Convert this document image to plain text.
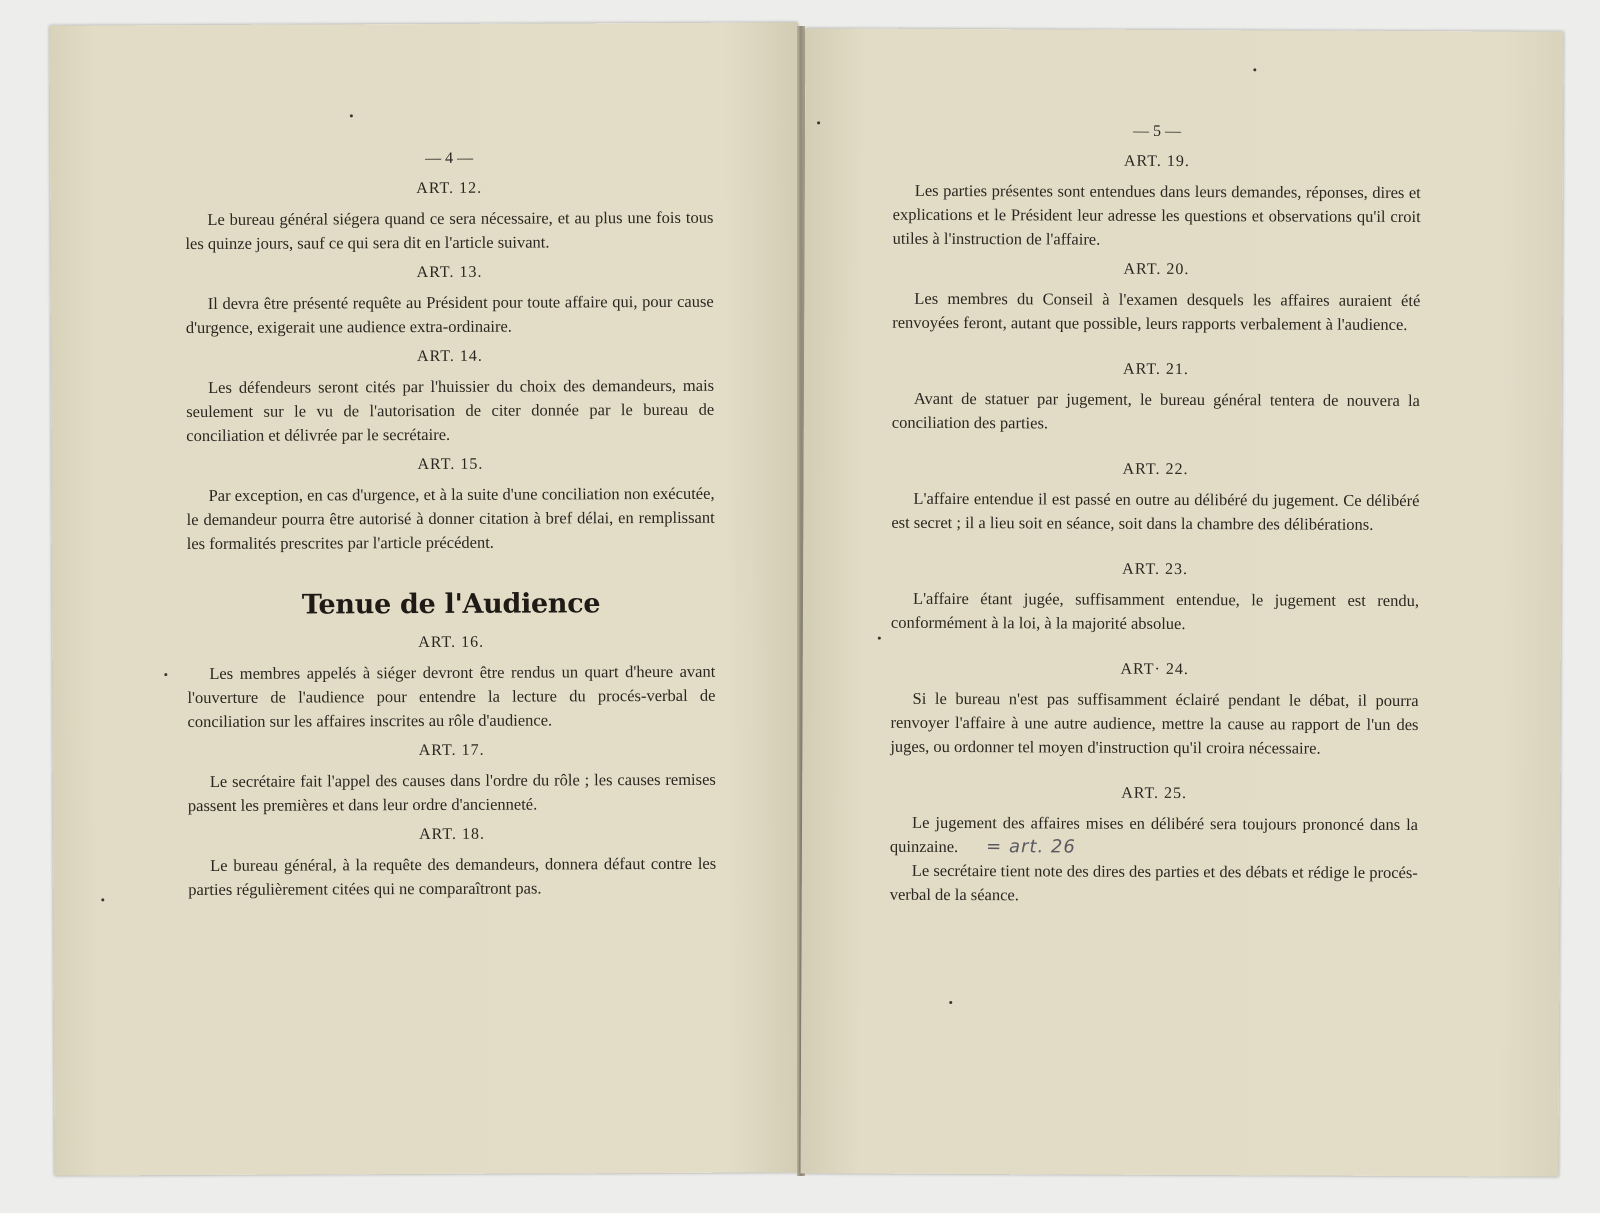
— 4 —
ART. 12.

Le bureau général siégera quand ce sera nécessaire, et au plus une fois tous les quinze jours, sauf ce qui sera dit en l'article suivant.

ART. 13.

Il devra être présenté requête au Président pour toute affaire qui, pour cause d'urgence, exigerait une audience extra-ordinaire.

ART. 14.

Les défendeurs seront cités par l'huissier du choix des demandeurs, mais seulement sur le vu de l'autorisation de citer donnée par le bureau de conciliation et délivrée par le secrétaire.

ART. 15.

Par exception, en cas d'urgence, et à la suite d'une conciliation non exécutée, le demandeur pourra être autorisé à donner citation à bref délai, en remplissant les formalités prescrites par l'article précédent.

Tenue de l'Audience
ART. 16.

Les membres appelés à siéger devront être rendus un quart d'heure avant l'ouverture de l'audience pour entendre la lecture du procés-verbal de conciliation sur les affaires inscrites au rôle d'audience.

ART. 17.

Le secrétaire fait l'appel des causes dans l'ordre du rôle ; les causes remises passent les premières et dans leur ordre d'ancienneté.

ART. 18.

Le bureau général, à la requête des demandeurs, donnera défaut contre les parties régulièrement citées qui ne comparaîtront pas.

— 5 —
ART. 19.

Les parties présentes sont entendues dans leurs demandes, réponses, dires et explications et le Président leur adresse les questions et observations qu'il croit utiles à l'instruction de l'affaire.

ART. 20.

Les membres du Conseil à l'examen desquels les affaires auraient été renvoyées feront, autant que possible, leurs rapports verbalement à l'audience.

ART. 21.

Avant de statuer par jugement, le bureau général tentera de nouvera la conciliation des parties.

ART. 22.

L'affaire entendue il est passé en outre au délibéré du jugement. Ce délibéré est secret ; il a lieu soit en séance, soit dans la chambre des délibérations.

ART. 23.

L'affaire étant jugée, suffisamment entendue, le jugement est rendu, conformément à la loi, à la majorité absolue.

ART· 24.

Si le bureau n'est pas suffisamment éclairé pendant le débat, il pourra renvoyer l'affaire à une autre audience, mettre la cause au rapport de l'un des juges, ou ordonner tel moyen d'instruction qu'il croira nécessaire.

ART. 25.

Le jugement des affaires mises en délibéré sera toujours prononcé dans la quinzaine. = art. 26

Le secrétaire tient note des dires des parties et des débats et rédige le procés-verbal de la séance.
